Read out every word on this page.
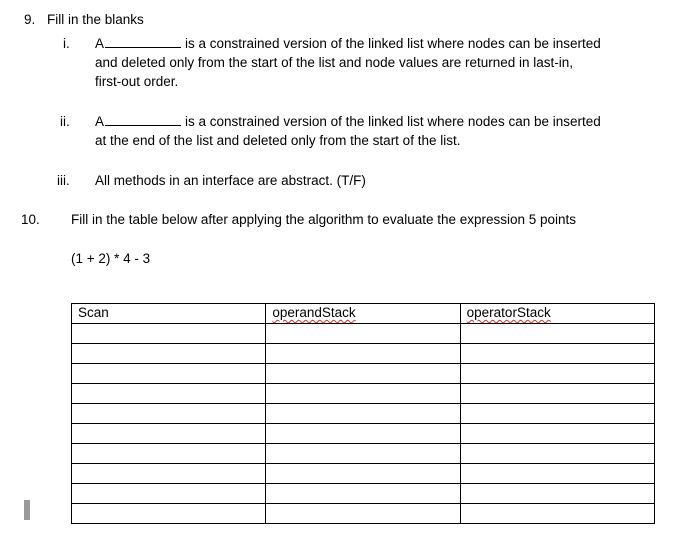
9. Fill in the blanks
i. A	is a constrained version of the linked list where nodes can be inserted
and deleted only from the start of the list and node values are returned in last-in,
first-out order.
ii. A	is a constrained version of the linked list where nodes can be inserted
at the end of the list and deleted only from the start of the list.
iii. All methods in an interface are abstract. (T/F)
10. Fill in the table below after applying the algorithm to evaluate the expression 5 points
(1 + 2) * 4 - 3
Scan	operandStack	operatorStack
